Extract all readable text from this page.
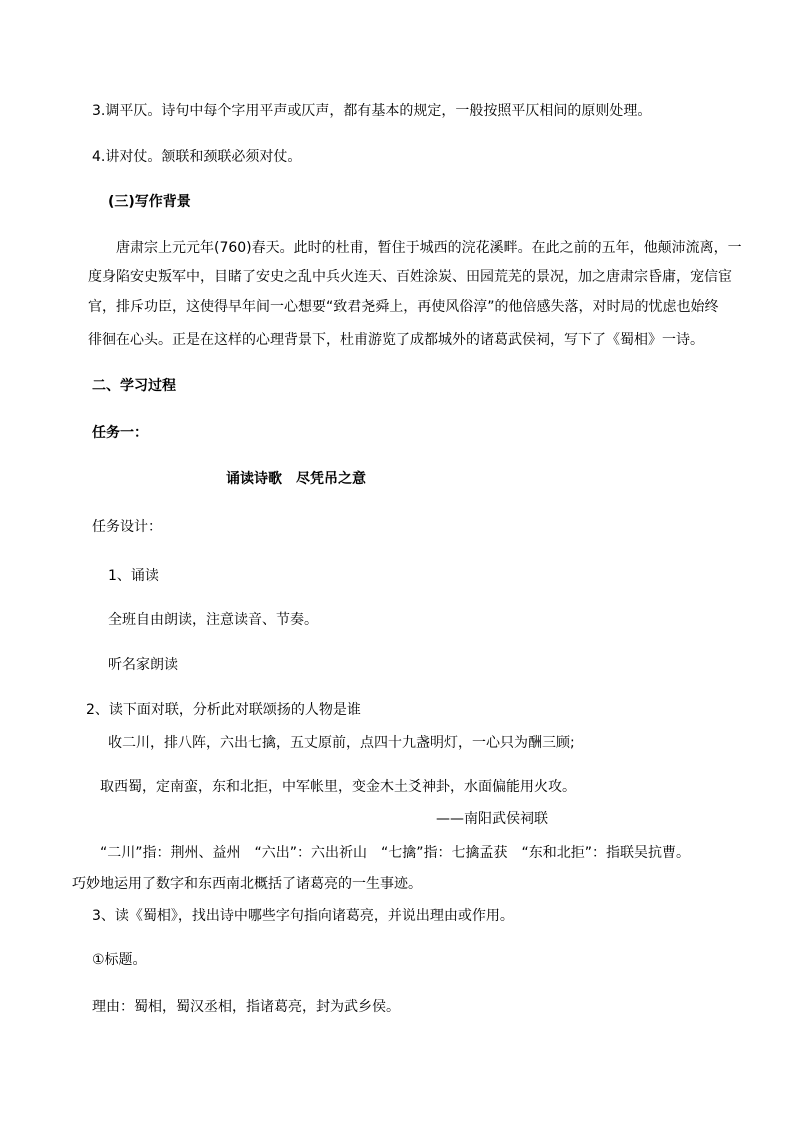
3.调平仄。诗句中每个字用平声或仄声，都有基本的规定，一般按照平仄相间的原则处理。
4.讲对仗。颔联和颈联必须对仗。
(三)写作背景
唐肃宗上元元年(760)春天。此时的杜甫，暂住于城西的浣花溪畔。在此之前的五年，他颠沛流离，一
度身陷安史叛军中，目睹了安史之乱中兵火连天、百姓涂炭、田园荒芜的景况，加之唐肃宗昏庸，宠信宦
官，排斥功臣，这使得早年间一心想要“致君尧舜上，再使风俗淳”的他倍感失落，对时局的忧虑也始终
徘徊在心头。正是在这样的心理背景下，杜甫游览了成都城外的诸葛武侯祠，写下了《蜀相》一诗。
二、学习过程
任务一：
诵读诗歌　尽凭吊之意
任务设计：
1、诵读
全班自由朗读，注意读音、节奏。
听名家朗读
2、读下面对联，分析此对联颂扬的人物是谁
收二川，排八阵，六出七擒，五丈原前，点四十九盏明灯，一心只为酬三顾;
取西蜀，定南蛮，东和北拒，中军帐里，变金木土爻神卦，水面偏能用火攻。
——南阳武侯祠联
“二川”指：荆州、益州　“六出”：六出祈山　“七擒”指：七擒孟获　“东和北拒”：指联吴抗曹。
巧妙地运用了数字和东西南北概括了诸葛亮的一生事迹。
3、读《蜀相》，找出诗中哪些字句指向诸葛亮，并说出理由或作用。
①标题。
理由：蜀相，蜀汉丞相，指诸葛亮，封为武乡侯。
